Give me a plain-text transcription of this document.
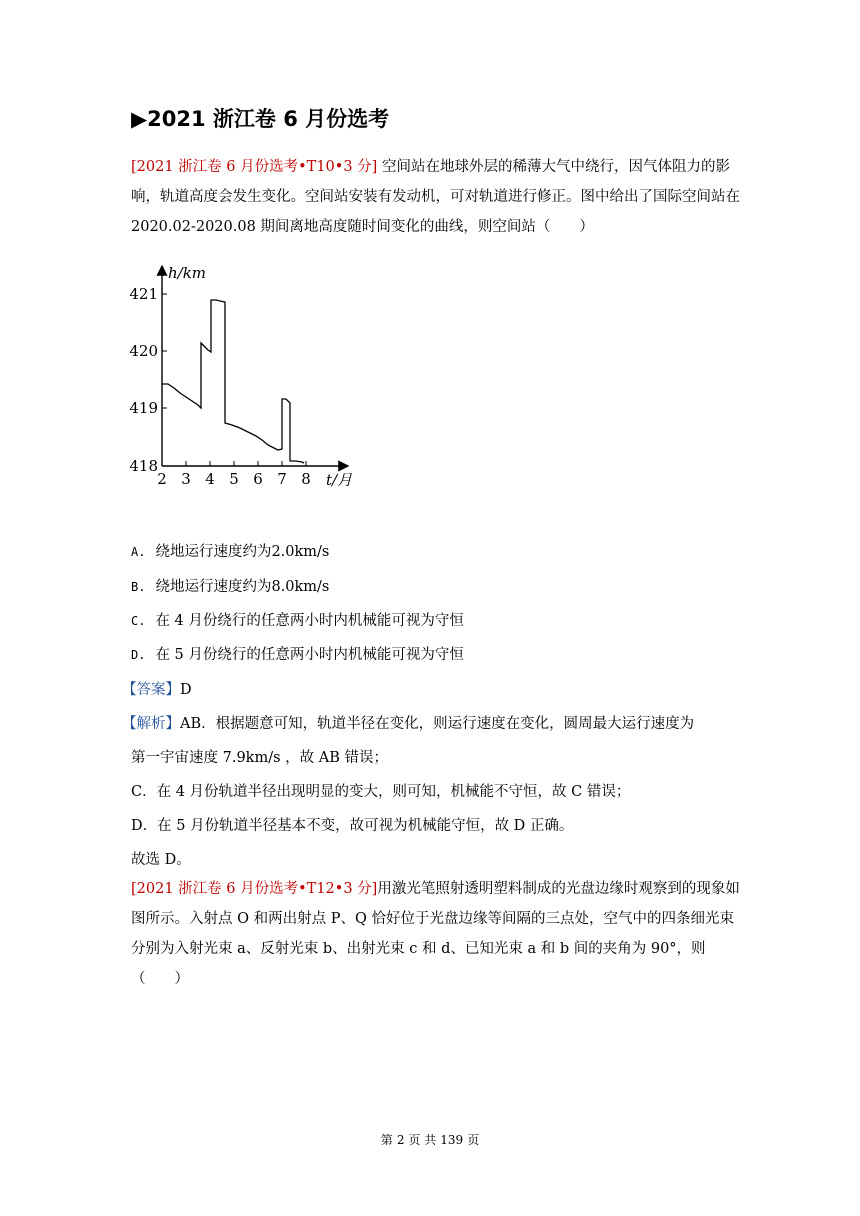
▶2021 浙江卷 6 月份选考
[2021 浙江卷 6 月份选考•T10•3 分] 空间站在地球外层的稀薄大气中绕行，因气体阻力的影响，轨道高度会发生变化。空间站安装有发动机，可对轨道进行修正。图中给出了国际空间站在 2020.02-2020.08 期间离地高度随时间变化的曲线，则空间站（　　）
h/km
421
420
419
418
2 3 4 5 6 7 8 t/月
A. 绕地运行速度约为2.0km/s
B. 绕地运行速度约为8.0km/s
C. 在 4 月份绕行的任意两小时内机械能可视为守恒
D. 在 5 月份绕行的任意两小时内机械能可视为守恒
【答案】D
【解析】AB．根据题意可知，轨道半径在变化，则运行速度在变化，圆周最大运行速度为
第一宇宙速度 7.9km/s ，故 AB 错误；
C．在 4 月份轨道半径出现明显的变大，则可知，机械能不守恒，故 C 错误；
D．在 5 月份轨道半径基本不变，故可视为机械能守恒，故 D 正确。
故选 D。
[2021 浙江卷 6 月份选考•T12•3 分]用激光笔照射透明塑料制成的光盘边缘时观察到的现象如图所示。入射点 O 和两出射点 P、Q 恰好位于光盘边缘等间隔的三点处，空气中的四条细光束分别为入射光束 a、反射光束 b、出射光束 c 和 d、已知光束 a 和 b 间的夹角为 90°，则（　　）
第 2 页 共 139 页
